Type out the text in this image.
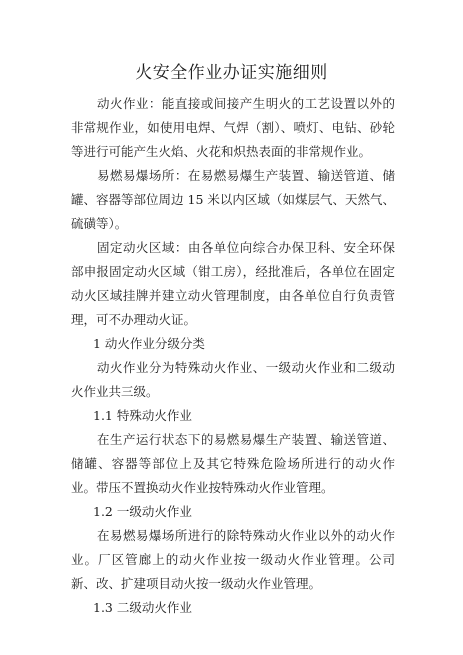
火安全作业办证实施细则

动火作业：能直接或间接产生明火的工艺设置以外的非常规作业，如使用电焊、气焊（割）、喷灯、电钻、砂轮等进行可能产生火焰、火花和炽热表面的非常规作业。

易燃易爆场所：在易燃易爆生产装置、输送管道、储罐、容器等部位周边 15 米以内区域（如煤层气、天然气、硫磺等）。

固定动火区域：由各单位向综合办保卫科、安全环保部申报固定动火区域（钳工房），经批准后，各单位在固定动火区域挂牌并建立动火管理制度，由各单位自行负责管理，可不办理动火证。

1 动火作业分级分类

动火作业分为特殊动火作业、一级动火作业和二级动火作业共三级。

1.1 特殊动火作业

在生产运行状态下的易燃易爆生产装置、输送管道、储罐、容器等部位上及其它特殊危险场所进行的动火作业。带压不置换动火作业按特殊动火作业管理。

1.2 一级动火作业

在易燃易爆场所进行的除特殊动火作业以外的动火作业。厂区管廊上的动火作业按一级动火作业管理。公司新、改、扩建项目动火按一级动火作业管理。

1.3 二级动火作业
